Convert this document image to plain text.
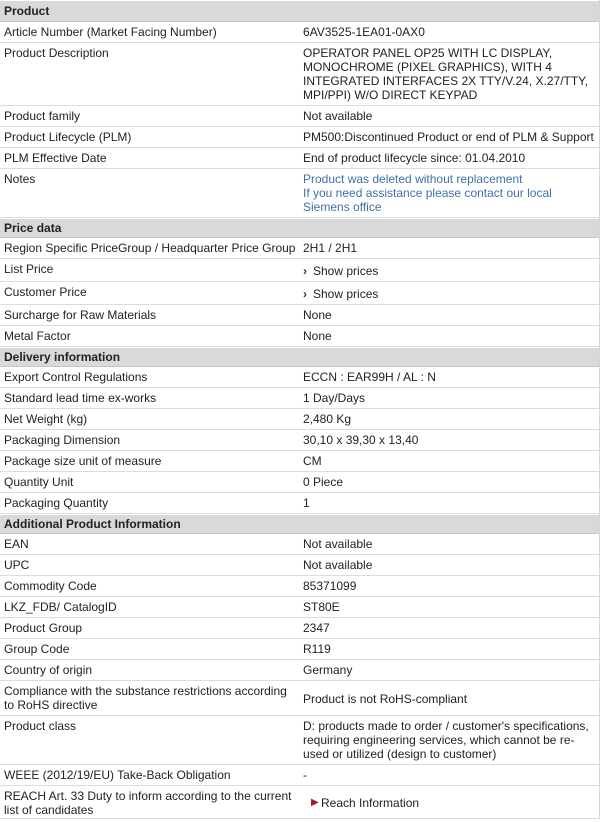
Product
Article Number (Market Facing Number)	6AV3525-1EA01-0AX0
Product Description	OPERATOR PANEL OP25 WITH LC DISPLAY,
MONOCHROME (PIXEL GRAPHICS), WITH 4
INTEGRATED INTERFACES 2X TTY/V.24, X.27/TTY,
MPI/PPI) W/O DIRECT KEYPAD
Product family	Not available
Product Lifecycle (PLM)	PM500:Discontinued Product or end of PLM & Support
PLM Effective Date	End of product lifecycle since: 01.04.2010
Notes	Product was deleted without replacement
If you need assistance please contact our local
Siemens office
Price data
Region Specific PriceGroup / Headquarter Price Group 2H1 / 2H1
List Price	› Show prices
Customer Price	› Show prices
Surcharge for Raw Materials	None
Metal Factor	None
Delivery information
Export Control Regulations	ECCN : EAR99H / AL : N
Standard lead time ex-works	1 Day/Days
Net Weight (kg)	2,480 Kg
Packaging Dimension	30,10 x 39,30 x 13,40
Package size unit of measure	CM
Quantity Unit	0 Piece
Packaging Quantity	1
Additional Product Information
EAN	Not available
UPC	Not available
Commodity Code	85371099
LKZ_FDB/ CatalogID	ST80E
Product Group	2347
Group Code	R119
Country of origin	Germany
Compliance with the substance restrictions according
to RoHS directive	Product is not RoHS-compliant
Product class	D: products made to order / customer's specifications,
requiring engineering services, which cannot be re-
used or utilized (design to customer)
WEEE (2012/19/EU) Take-Back Obligation	-
REACH Art. 33 Duty to inform according to the current
list of candidates
▶ Reach Information
